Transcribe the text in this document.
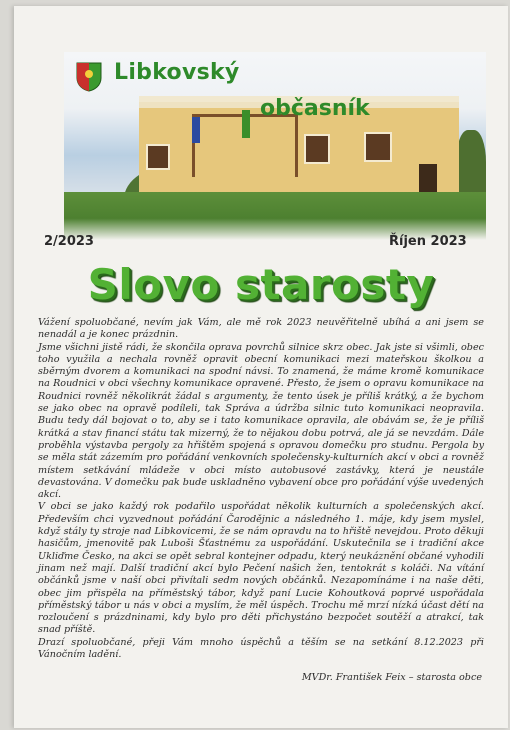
Libkovský
občasník
2/2023	Říjen 2023
Slovo starosty

Vážení spoluobčané, nevím jak Vám, ale mě rok 2023 neuvěřitelně ubíhá a ani jsem se nenadál a je konec prázdnin.

Jsme všichni jistě rádi, že skončila oprava povrchů silnice skrz obec. Jak jste si všimli, obec toho využila a nechala rovněž opravit obecní komunikaci mezi mateřskou školkou a sběrným dvorem a komunikaci na spodní návsi. To znamená, že máme kromě komunikace na Roudnici v obci všechny komunikace opravené. Přesto, že jsem o opravu komunikace na Roudnici rovněž několikrát žádal s argumenty, že tento úsek je příliš krátký, a že bychom se jako obec na opravě podíleli, tak Správa a údržba silnic tuto komunikaci neopravila. Budu tedy dál bojovat o to, aby se i tato komunikace opravila, ale obávám se, že je příliš krátká a stav financí státu tak mizerný, že to nějakou dobu potrvá, ale já se nevzdám. Dále proběhla výstavba pergoly za hřištěm spojená s opravou domečku pro studnu. Pergola by se měla stát zázemím pro pořádání venkovních společensky-kulturních akcí v obci a rovněž místem setkávání mládeže v obci místo autobusové zastávky, která je neustále devastována. V domečku pak bude uskladněno vybavení obce pro pořádání výše uvedených akcí.

V obci se jako každý rok podařilo uspořádat několik kulturních a společenských akcí. Především chci vyzvednout pořádání Čarodějnic a následného 1. máje, kdy jsem myslel, když stály ty stroje nad Libkovicemi, že se nám opravdu na to hřiště nevejdou. Proto děkuji hasičům, jmenovitě pak Luboši Šťastnému za uspořádání. Uskutečnila se i tradiční akce Ukliďme Česko, na akci se opět sebral kontejner odpadu, který neukáznění občané vyhodili jinam než mají. Další tradiční akcí bylo Pečení našich žen, tentokrát s koláči. Na vítání občánků jsme v naší obci přivítali sedm nových občánků. Nezapomínáme i na naše děti, obec jim přispěla na příměstský tábor, když paní Lucie Kohoutková poprvé uspořádala příměstský tábor u nás v obci a myslím, že měl úspěch. Trochu mě mrzí nízká účast dětí na rozloučení s prázdninami, kdy bylo pro děti přichystáno bezpočet soutěží a atrakcí, tak snad příště.

Drazí spoluobčané, přeji Vám mnoho úspěchů a těším se na setkání 8.12.2023 při Vánočním ladění.

MVDr. František Feix – starosta obce
